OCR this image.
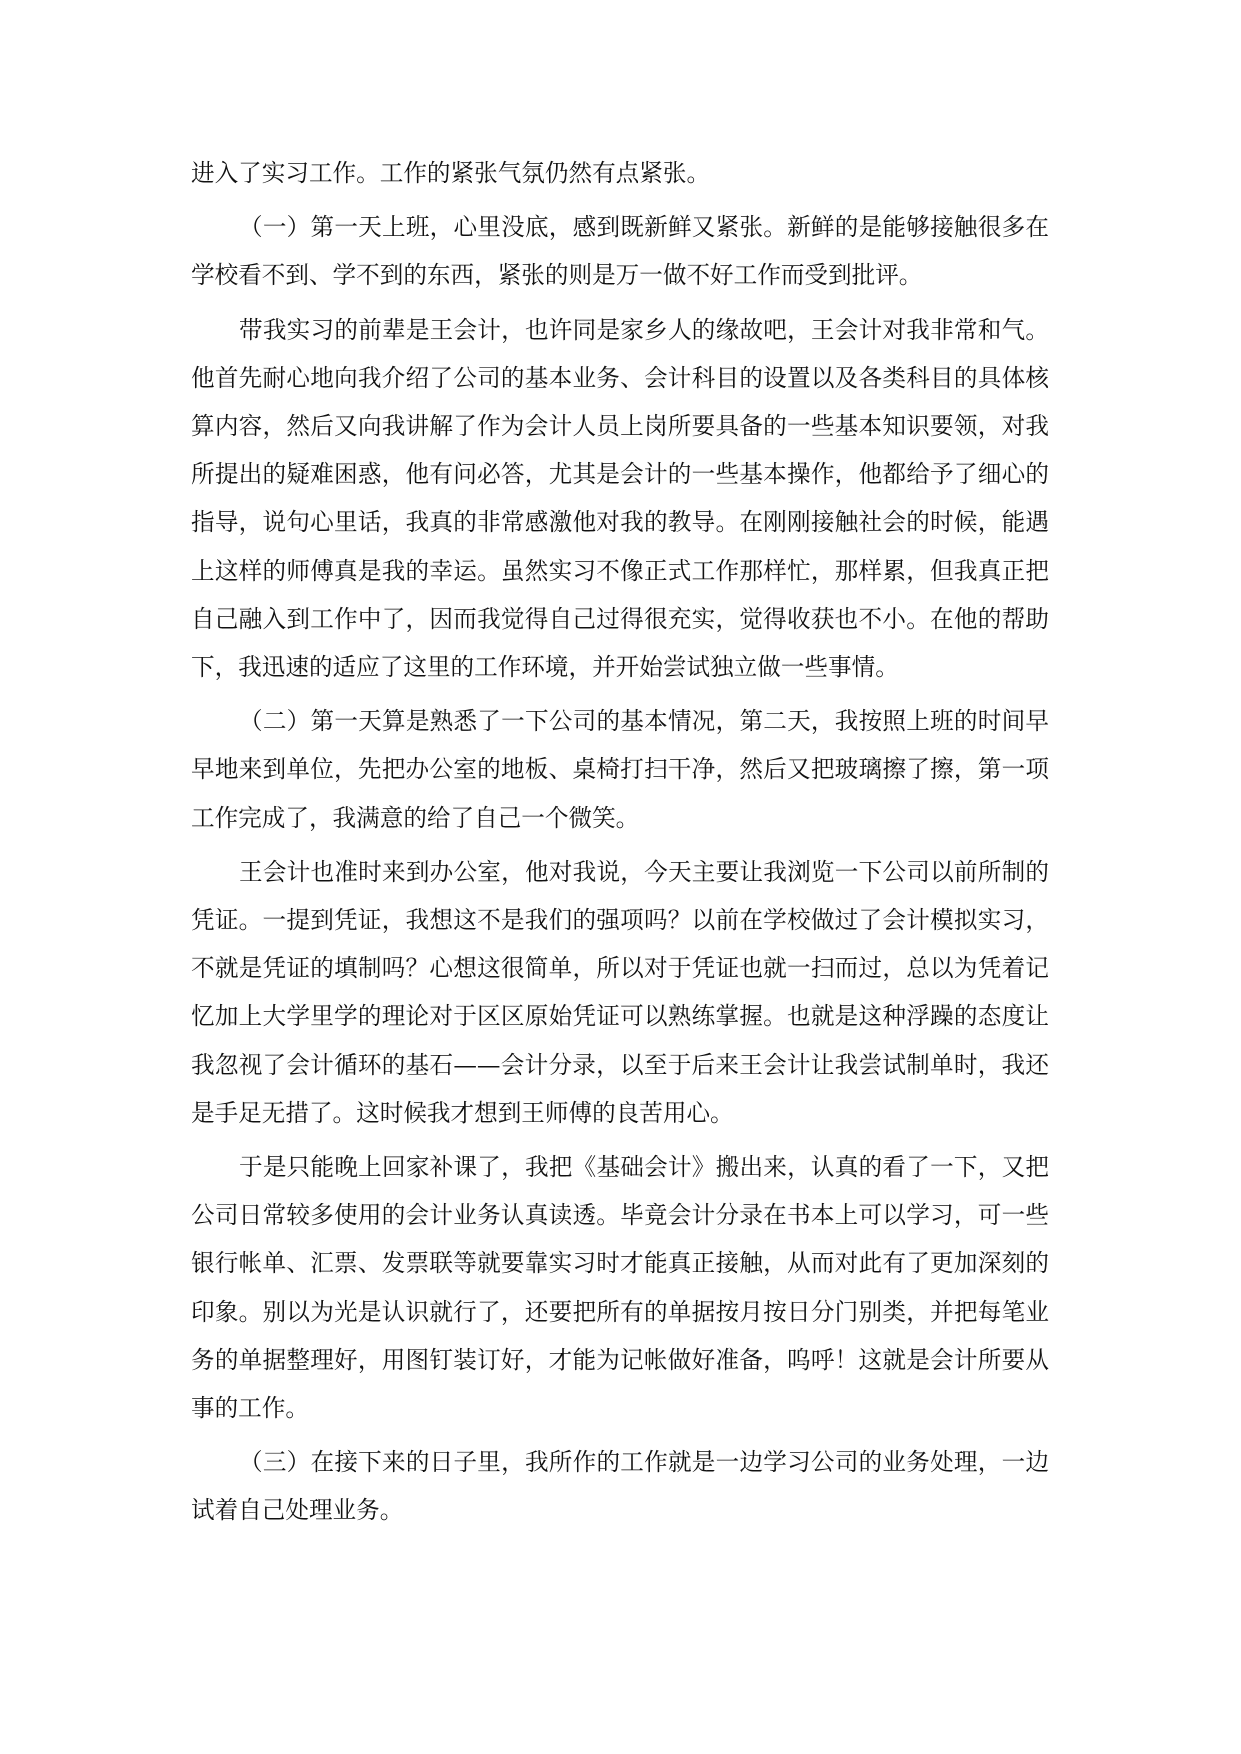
进入了实习工作。工作的紧张气氛仍然有点紧张。

（一）第一天上班，心里没底，感到既新鲜又紧张。新鲜的是能够接触很多在学校看不到、学不到的东西，紧张的则是万一做不好工作而受到批评。

带我实习的前辈是王会计，也许同是家乡人的缘故吧，王会计对我非常和气。他首先耐心地向我介绍了公司的基本业务、会计科目的设置以及各类科目的具体核算内容，然后又向我讲解了作为会计人员上岗所要具备的一些基本知识要领，对我所提出的疑难困惑，他有问必答，尤其是会计的一些基本操作，他都给予了细心的指导，说句心里话，我真的非常感激他对我的教导。在刚刚接触社会的时候，能遇上这样的师傅真是我的幸运。虽然实习不像正式工作那样忙，那样累，但我真正把自己融入到工作中了，因而我觉得自己过得很充实，觉得收获也不小。在他的帮助下，我迅速的适应了这里的工作环境，并开始尝试独立做一些事情。

（二）第一天算是熟悉了一下公司的基本情况，第二天，我按照上班的时间早早地来到单位，先把办公室的地板、桌椅打扫干净，然后又把玻璃擦了擦，第一项工作完成了，我满意的给了自己一个微笑。

王会计也准时来到办公室，他对我说，今天主要让我浏览一下公司以前所制的凭证。一提到凭证，我想这不是我们的强项吗？以前在学校做过了会计模拟实习，不就是凭证的填制吗？心想这很简单，所以对于凭证也就一扫而过，总以为凭着记忆加上大学里学的理论对于区区原始凭证可以熟练掌握。也就是这种浮躁的态度让我忽视了会计循环的基石——会计分录，以至于后来王会计让我尝试制单时，我还是手足无措了。这时候我才想到王师傅的良苦用心。

于是只能晚上回家补课了，我把《基础会计》搬出来，认真的看了一下，又把公司日常较多使用的会计业务认真读透。毕竟会计分录在书本上可以学习，可一些银行帐单、汇票、发票联等就要靠实习时才能真正接触，从而对此有了更加深刻的印象。别以为光是认识就行了，还要把所有的单据按月按日分门别类，并把每笔业务的单据整理好，用图钉装订好，才能为记帐做好准备，呜呼！这就是会计所要从事的工作。

（三）在接下来的日子里，我所作的工作就是一边学习公司的业务处理，一边试着自己处理业务。
